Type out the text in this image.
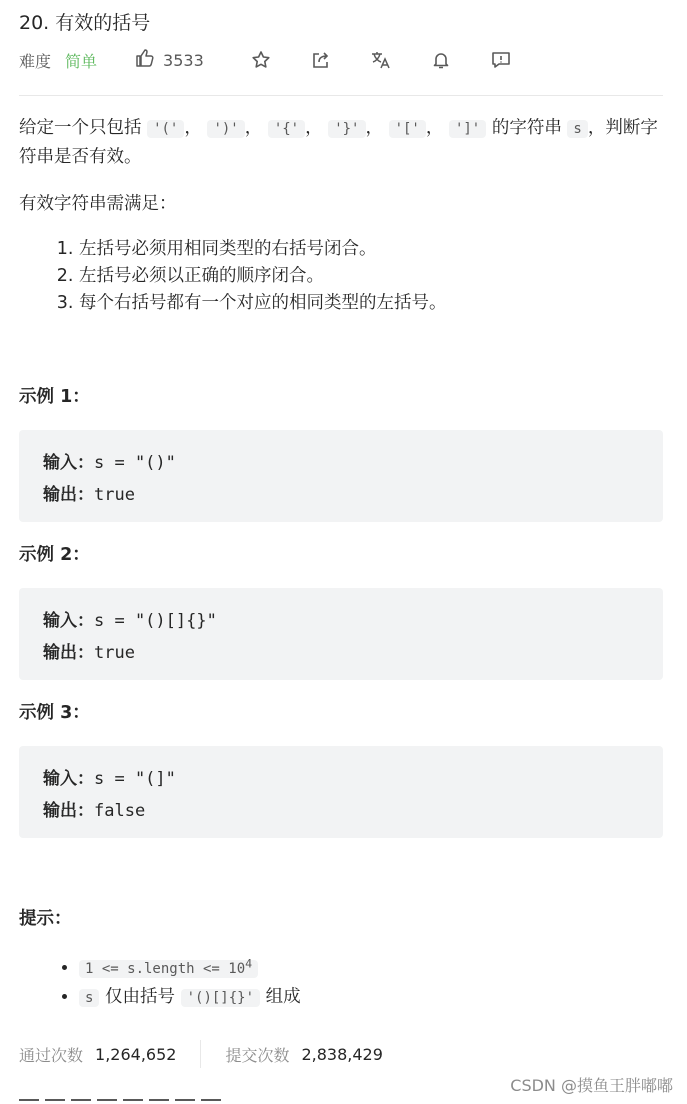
20. 有效的括号
难度 简单	3533
给定一个只包括 '(' ， ')' ， '{' ， '}' ， '[' ， ']' 的字符串 s ，判断字符串是否有效。
有效字符串需满足：
1. 左括号必须用相同类型的右括号闭合。
2. 左括号必须以正确的顺序闭合。
3. 每个右括号都有一个对应的相同类型的左括号。
示例 1：
输入：s = "()"
输出：true
示例 2：
输入：s = "()[]{}"
输出：true
示例 3：
输入：s = "(]"
输出：false
提示：
• 1 <= s.length <= $10^4$
• s 仅由括号 '()[]{}' 组成
通过次数 1,264,652	提交次数 2,838,429
CSDN @摸鱼王胖嘟嘟
